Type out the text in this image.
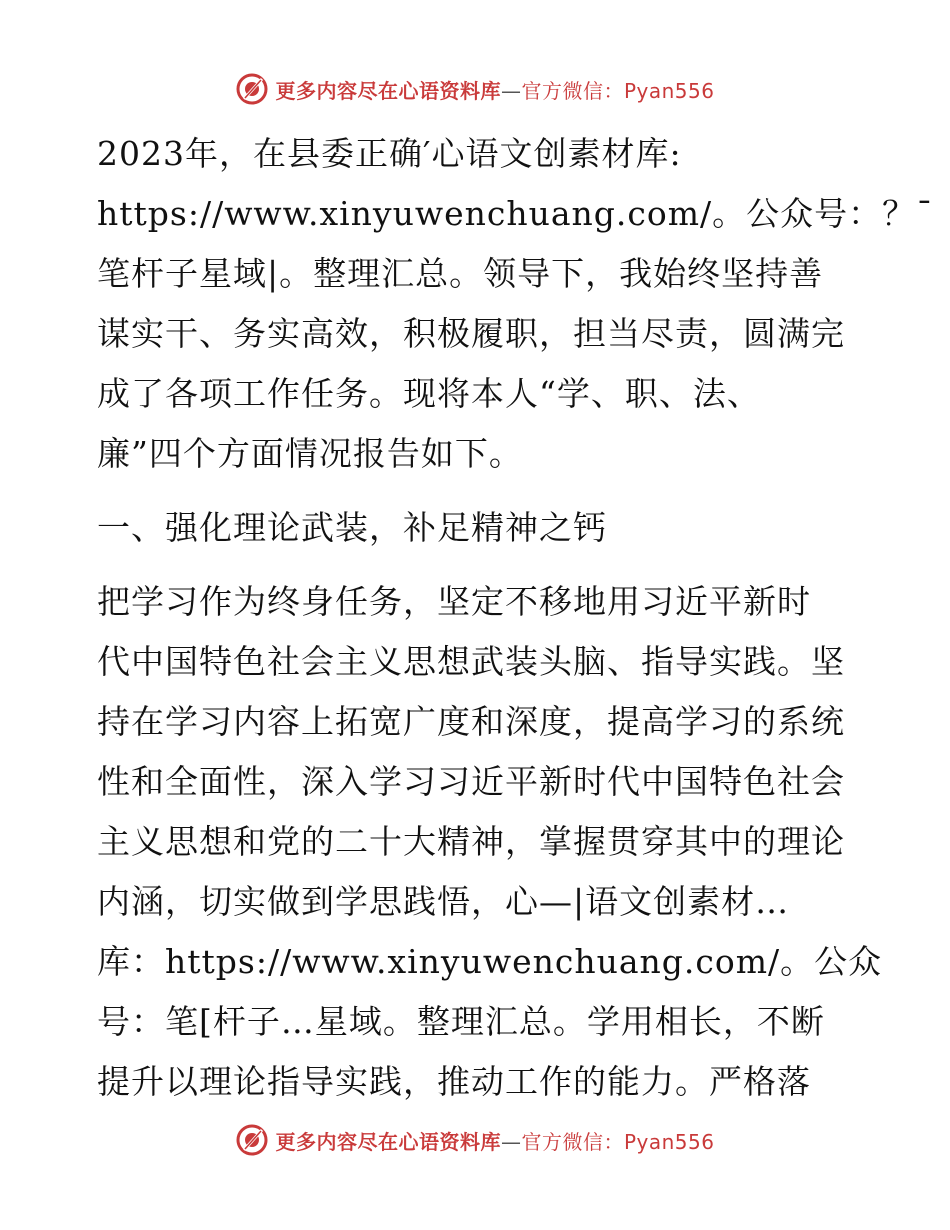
更多内容尽在心语资料库—官方微信：Pyan556
2023年，在县委正确′心语文创素材库:
https://www.xinyuwenchuang.com/。公众号：？¯
笔杆子星域|。整理汇总。领导下，我始终坚持善
谋实干、务实高效，积极履职，担当尽责，圆满完
成了各项工作任务。现将本人“学、职、法、
廉”四个方面情况报告如下。
一、强化理论武装，补足精神之钙
把学习作为终身任务，坚定不移地用习近平新时
代中国特色社会主义思想武装头脑、指导实践。坚
持在学习内容上拓宽广度和深度，提高学习的系统
性和全面性，深入学习习近平新时代中国特色社会
主义思想和党的二十大精神，掌握贯穿其中的理论
内涵，切实做到学思践悟，心—|语文创素材…
库：https://www.xinyuwenchuang.com/。公众
号：笔[杆子…星域。整理汇总。学用相长，不断
提升以理论指导实践，推动工作的能力。严格落
更多内容尽在心语资料库—官方微信：Pyan556
